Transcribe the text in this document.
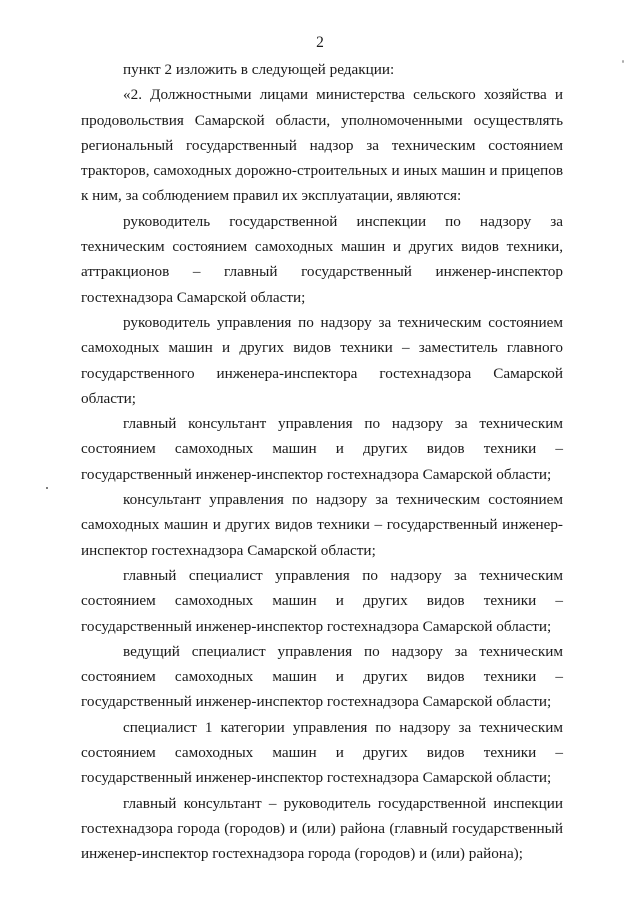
2

пункт 2 изложить в следующей редакции:

«2. Должностными лицами министерства сельского хозяйства и продовольствия Самарской области, уполномоченными осуществлять региональный государственный надзор за техническим состоянием тракторов, самоходных дорожно-строительных и иных машин и прицепов к ним, за соблюдением правил их эксплуатации, являются:

руководитель государственной инспекции по надзору за техническим состоянием самоходных машин и других видов техники, аттракционов – главный государственный инженер-инспектор гостехнадзора Самарской области;

руководитель управления по надзору за техническим состоянием самоходных машин и других видов техники – заместитель главного государственного инженера-инспектора гостехнадзора Самарской области;

главный консультант управления по надзору за техническим состоянием самоходных машин и других видов техники – государственный инженер-инспектор гостехнадзора Самарской области;

консультант управления по надзору за техническим состоянием самоходных машин и других видов техники – государственный инженер-инспектор гостехнадзора Самарской области;

главный специалист управления по надзору за техническим состоянием самоходных машин и других видов техники – государственный инженер-инспектор гостехнадзора Самарской области;

ведущий специалист управления по надзору за техническим состоянием самоходных машин и других видов техники – государственный инженер-инспектор гостехнадзора Самарской области;

специалист 1 категории управления по надзору за техническим состоянием самоходных машин и других видов техники – государственный инженер-инспектор гостехнадзора Самарской области;

главный консультант – руководитель государственной инспекции гостехнадзора города (городов) и (или) района (главный государственный инженер-инспектор гостехнадзора города (городов) и (или) района);
